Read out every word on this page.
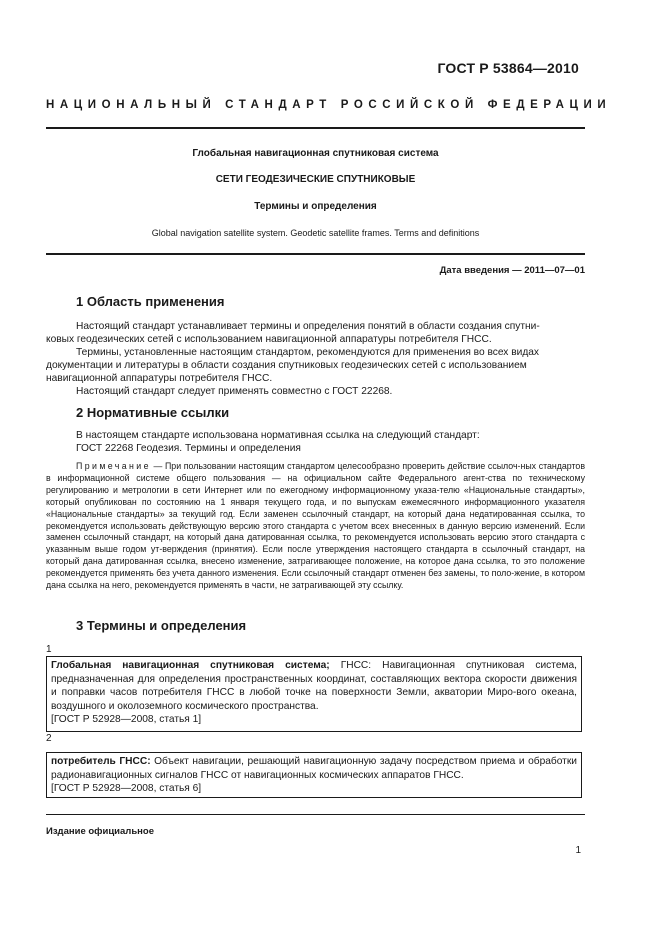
ГОСТ Р 53864—2010
НАЦИОНАЛЬНЫЙ СТАНДАРТ РОССИЙСКОЙ ФЕДЕРАЦИИ
Глобальная навигационная спутниковая система
СЕТИ ГЕОДЕЗИЧЕСКИЕ СПУТНИКОВЫЕ
Термины и определения
Global navigation satellite system. Geodetic satellite frames. Terms and definitions
Дата введения — 2011—07—01
1 Область применения

Настоящий стандарт устанавливает термины и определения понятий в области создания спутни-

ковых геодезических сетей с использованием навигационной аппаратуры потребителя ГНСС.

Термины, установленные настоящим стандартом, рекомендуются для применения во всех видах

документации и литературы в области создания спутниковых геодезических сетей с использованием

навигационной аппаратуры потребителя ГНСС.

Настоящий стандарт следует применять совместно с ГОСТ 22268.

2 Нормативные ссылки

В настоящем стандарте использована нормативная ссылка на следующий стандарт:

ГОСТ 22268 Геодезия. Термины и определения

Примечание — При пользовании настоящим стандартом целесообразно проверить действие ссылоч-ных стандартов в информационной системе общего пользования — на официальном сайте Федерального агент-ства по техническому регулированию и метрологии в сети Интернет или по ежегодному информационному указа-телю «Национальные стандарты», который опубликован по состоянию на 1 января текущего года, и по выпускам ежемесячного информационного указателя «Национальные стандарты» за текущий год. Если заменен ссылочный стандарт, на который дана недатированная ссылка, то рекомендуется использовать действующую версию этого стандарта с учетом всех внесенных в данную версию изменений. Если заменен ссылочный стандарт, на который дана датированная ссылка, то рекомендуется использовать версию этого стандарта с указанным выше годом ут-верждения (принятия). Если после утверждения настоящего стандарта в ссылочный стандарт, на который дана датированная ссылка, внесено изменение, затрагивающее положение, на которое дана ссылка, то это положение рекомендуется применять без учета данного изменения. Если ссылочный стандарт отменен без замены, то поло-жение, в котором дана ссылка на него, рекомендуется применять в части, не затрагивающей эту ссылку.
3 Термины и определения
1
Глобальная навигационная спутниковая система; ГНСС: Навигационная спутниковая система, предназначенная для определения пространственных координат, составляющих вектора скорости движения и поправки часов потребителя ГНСС в любой точке на поверхности Земли, акватории Миро-вого океана, воздушного и околоземного космического пространства.
[ГОСТ Р 52928—2008, статья 1]
2
потребитель ГНСС: Объект навигации, решающий навигационную задачу посредством приема и обработки радионавигационных сигналов ГНСС от навигационных космических аппаратов ГНСС.
[ГОСТ Р 52928—2008, статья 6]
Издание официальное
1
